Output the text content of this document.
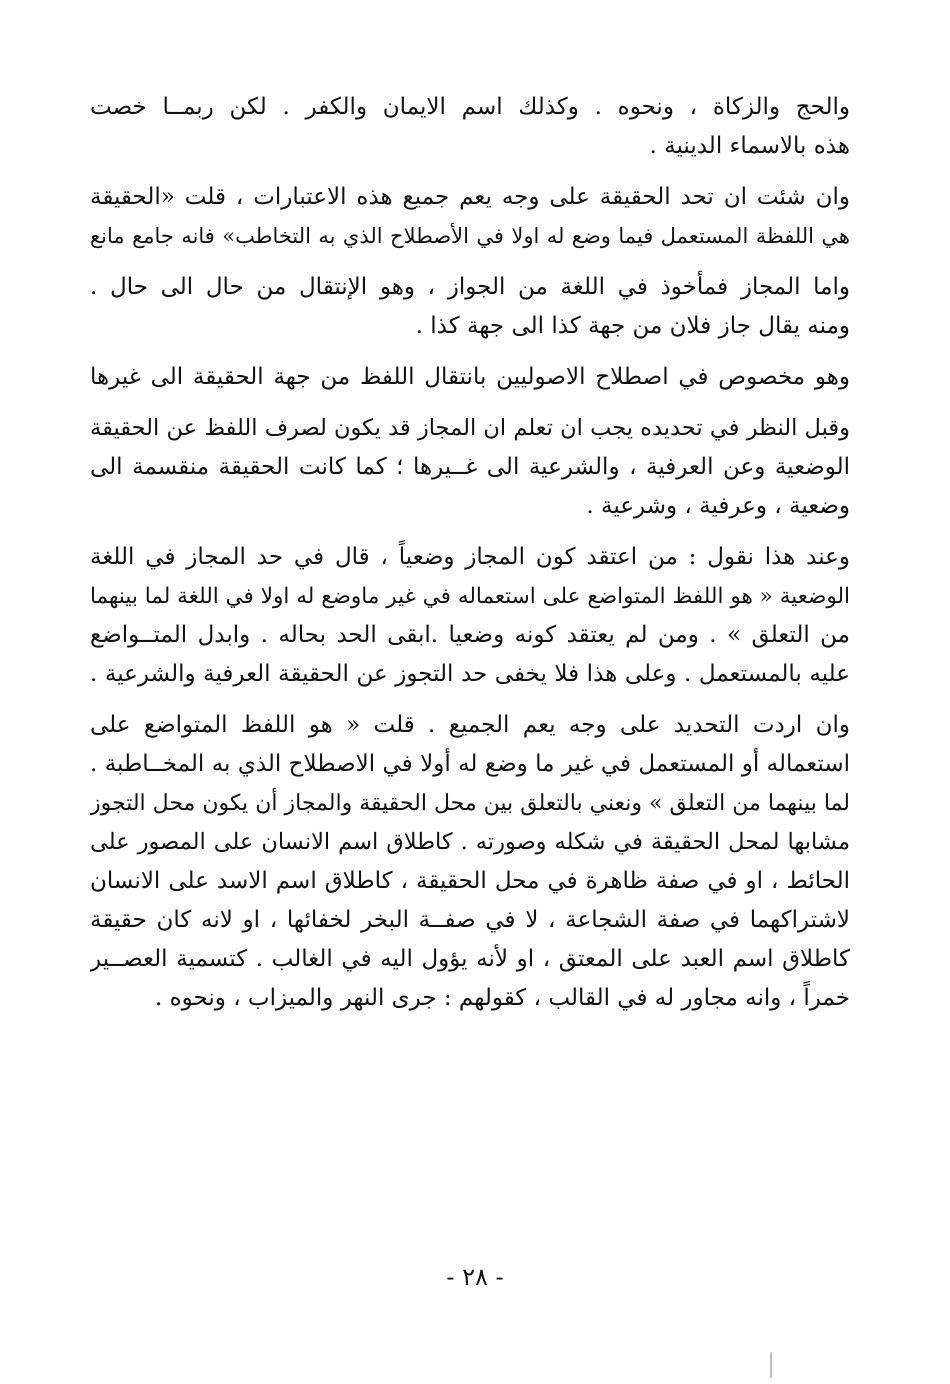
والحج والزكاة ، ونحوه . وكذلك اسم الايمان والكفر . لكن ربمــا خصت
هذه بالاسماء الدينية .
وان شئت ان تحد الحقيقة على وجه يعم جميع هذه الاعتبارات ، قلت «الحقيقة
هي اللفظة المستعمل فيما وضع له اولا في الأصطلاح الذي به التخاطب» فانه جامع مانع
واما المجاز فمأخوذ في اللغة من الجواز ، وهو الإنتقال من حال الى حال .
ومنه يقال جاز فلان من جهة كذا الى جهة كذا .
وهو مخصوص في اصطلاح الاصوليين بانتقال اللفظ من جهة الحقيقة الى غيرها
وقبل النظر في تحديده يجب ان تعلم ان المجاز قد يكون لصرف اللفظ عن الحقيقة
الوضعية وعن العرفية ، والشرعية الى غــيرها ؛ كما كانت الحقيقة منقسمة الى
وضعية ، وعرفية ، وشرعية .
وعند هذا نقول : من اعتقد كون المجاز وضعياً ، قال في حد المجاز في اللغة
الوضعية « هو اللفظ المتواضع على استعماله في غير ماوضع له اولا في اللغة لما بينهما
من التعلق » . ومن لم يعتقد كونه وضعيا .ابقى الحد بحاله . وابدل المتــواضع
عليه بالمستعمل . وعلى هذا فلا يخفى حد التجوز عن الحقيقة العرفية والشرعية .
وان اردت التحديد على وجه يعم الجميع . قلت « هو اللفظ المتواضع على
استعماله أو المستعمل في غير ما وضع له أولا في الاصطلاح الذي به المخــاطبة .
لما بينهما من التعلق » ونعني بالتعلق بين محل الحقيقة والمجاز أن يكون محل التجوز
مشابها لمحل الحقيقة في شكله وصورته . كاطلاق اسم الانسان على المصور على
الحائط ، او في صفة ظاهرة في محل الحقيقة ، كاطلاق اسم الاسد على الانسان
لاشتراكهما في صفة الشجاعة ، لا في صفــة البخر لخفائها ، او لانه كان حقيقة
كاطلاق اسم العبد على المعتق ، او لأنه يؤول اليه في الغالب . كتسمية العصــير
خمراً ، وانه مجاور له في القالب ، كقولهم : جرى النهر والميزاب ، ونحوه .
- ٢٨ -
